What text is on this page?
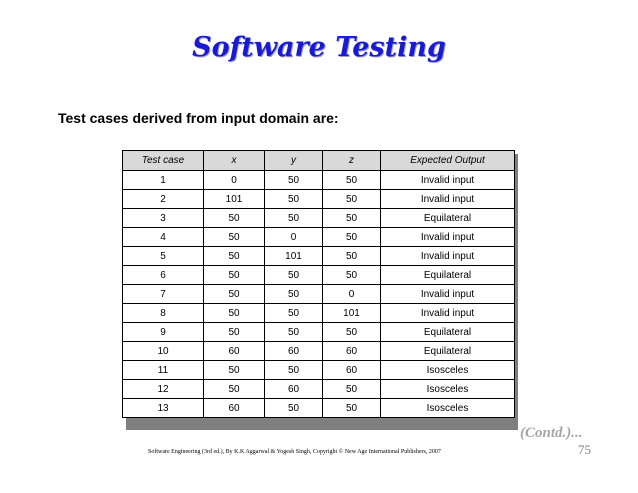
Software Testing
Test cases derived from input domain are:
Test case	x	y	z	Expected Output
1	0	50	50	Invalid input
2	101	50	50	Invalid input
3	50	50	50	Equilateral
4	50	0	50	Invalid input
5	50	101	50	Invalid input
6	50	50	50	Equilateral
7	50	50	0	Invalid input
8	50	50	101	Invalid input
9	50	50	50	Equilateral
10	60	60	60	Equilateral
11	50	50	60	Isosceles
12	50	60	50	Isosceles
13	60	50	50	Isosceles
(Contd.)...
Software Engineering (3rd ed.), By K.K Aggarwal & Yogesh Singh, Copyright © New Age International Publishers, 2007	75
